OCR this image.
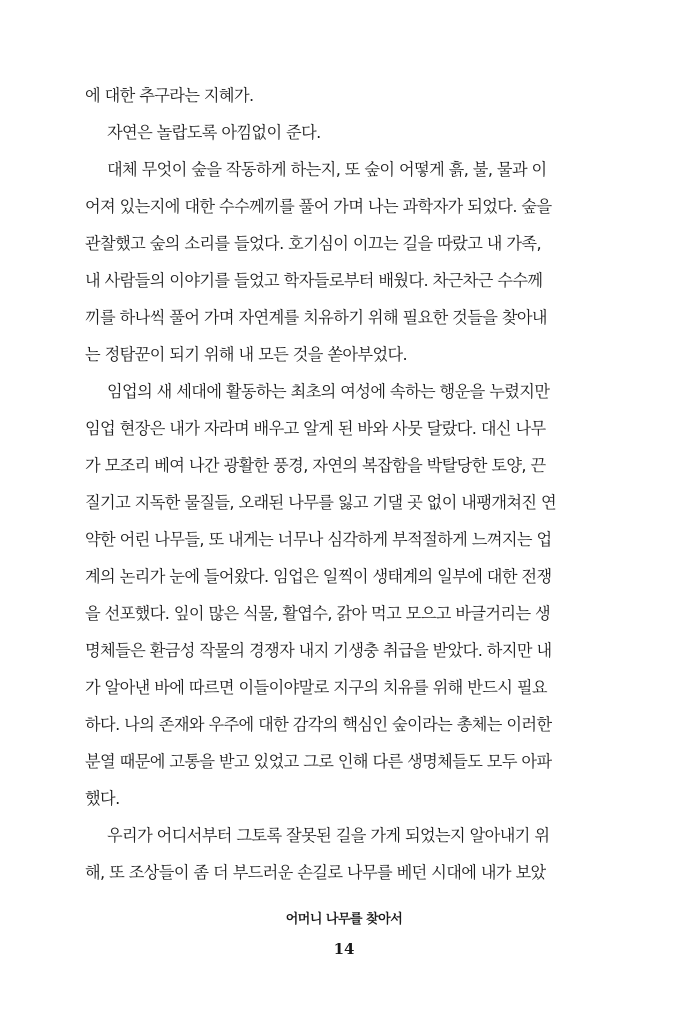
에 대한 추구라는 지혜가.
자연은 놀랍도록 아낌없이 준다.
대체 무엇이 숲을 작동하게 하는지, 또 숲이 어떻게 흙, 불, 물과 이
어져 있는지에 대한 수수께끼를 풀어 가며 나는 과학자가 되었다. 숲을
관찰했고 숲의 소리를 들었다. 호기심이 이끄는 길을 따랐고 내 가족,
내 사람들의 이야기를 들었고 학자들로부터 배웠다. 차근차근 수수께
끼를 하나씩 풀어 가며 자연계를 치유하기 위해 필요한 것들을 찾아내
는 정탐꾼이 되기 위해 내 모든 것을 쏟아부었다.
임업의 새 세대에 활동하는 최초의 여성에 속하는 행운을 누렸지만
임업 현장은 내가 자라며 배우고 알게 된 바와 사뭇 달랐다. 대신 나무
가 모조리 베여 나간 광활한 풍경, 자연의 복잡함을 박탈당한 토양, 끈
질기고 지독한 물질들, 오래된 나무를 잃고 기댈 곳 없이 내팽개쳐진 연
약한 어린 나무들, 또 내게는 너무나 심각하게 부적절하게 느껴지는 업
계의 논리가 눈에 들어왔다. 임업은 일찍이 생태계의 일부에 대한 전쟁
을 선포했다. 잎이 많은 식물, 활엽수, 갉아 먹고 모으고 바글거리는 생
명체들은 환금성 작물의 경쟁자 내지 기생충 취급을 받았다. 하지만 내
가 알아낸 바에 따르면 이들이야말로 지구의 치유를 위해 반드시 필요
하다. 나의 존재와 우주에 대한 감각의 핵심인 숲이라는 총체는 이러한
분열 때문에 고통을 받고 있었고 그로 인해 다른 생명체들도 모두 아파
했다.
우리가 어디서부터 그토록 잘못된 길을 가게 되었는지 알아내기 위
해, 또 조상들이 좀 더 부드러운 손길로 나무를 베던 시대에 내가 보았
어머니 나무를 찾아서
14
